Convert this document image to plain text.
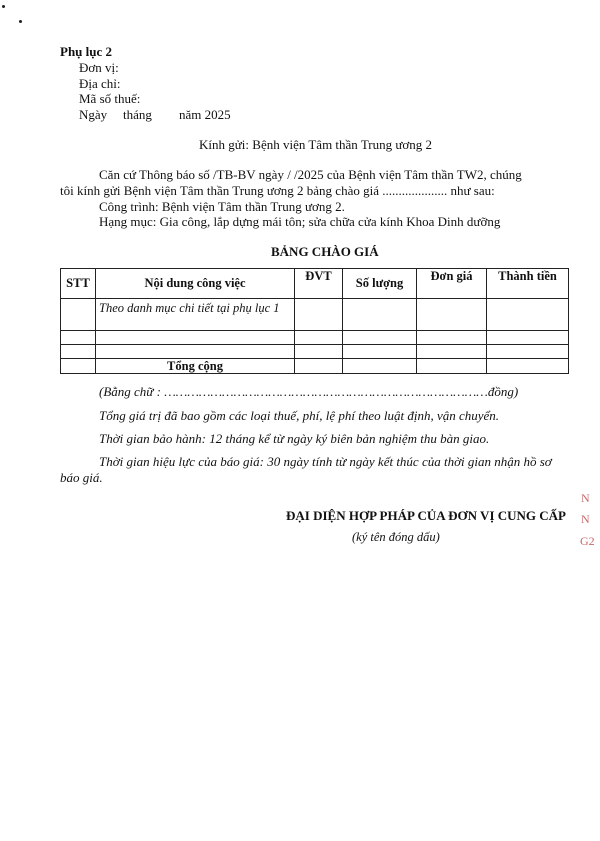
Phụ lục 2
Đơn vị:
Địa chỉ:
Mã số thuế:
Ngày tháng năm 2025
Kính gửi: Bệnh viện Tâm thần Trung ương 2
Căn cứ Thông báo số /TB-BV ngày / /2025 của Bệnh viện Tâm thần TW2, chúng
tôi kính gửi Bệnh viện Tâm thần Trung ương 2 bảng chào giá .................... như sau:
Công trình: Bệnh viện Tâm thần Trung ương 2.
Hạng mục: Gia công, lắp dựng mái tôn; sửa chữa cửa kính Khoa Dinh dưỡng
BẢNG CHÀO GIÁ
STT	Nội dung công việc	ĐVT	Số lượng	Đơn giá	Thành tiền
	Theo danh mục chi tiết tại phụ lục 1				

	Tổng cộng				
(Bằng chữ : …………………………………………………………………………đồng)
Tổng giá trị đã bao gồm các loại thuế, phí, lệ phí theo luật định, vận chuyển.
Thời gian bảo hành: 12 tháng kể từ ngày ký biên bản nghiệm thu bàn giao.
Thời gian hiệu lực của báo giá: 30 ngày tính từ ngày kết thúc của thời gian nhận hồ sơ
báo giá.
ĐẠI DIỆN HỢP PHÁP CỦA ĐƠN VỊ CUNG CẤP
(ký tên đóng dấu)
N
N
G2
